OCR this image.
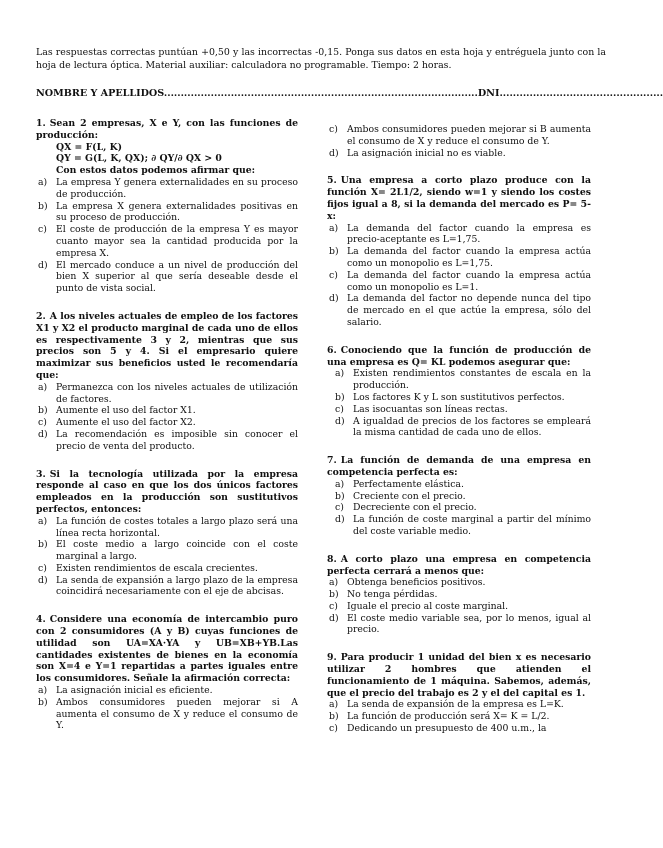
Las respuestas correctas puntúan +0,50 y las incorrectas -0,15. Ponga sus datos en esta hoja y entréguela junto con la hoja de lectura óptica. Material auxiliar: calculadora no programable. Tiempo: 2 horas.
NOMBRE Y APELLIDOS..............................................................................................DNI.................................................
1. Sean 2 empresas, X e Y, con las funciones de producción:
QX = F(L, K)
QY = G(L, K, QX); ∂ QY/∂ QX > 0
Con estos datos podemos afirmar que:
a) La empresa Y genera externalidades en su proceso de producción.
b) La empresa X genera externalidades positivas en su proceso de producción.
c) El coste de producción de la empresa Y es mayor cuanto mayor sea la cantidad producida por la empresa X.
d) El mercado conduce a un nivel de producción del bien X superior al que sería deseable desde el punto de vista social.
2. A los niveles actuales de empleo de los factores X1 y X2 el producto marginal de cada uno de ellos es respectivamente 3 y 2, mientras que sus precios son 5 y 4. Si el empresario quiere maximizar sus beneficios usted le recomendaría que:
a) Permanezca con los niveles actuales de utilización de factores.
b) Aumente el uso del factor X1.
c) Aumente el uso del factor X2.
d) La recomendación es imposible sin conocer el precio de venta del producto.
3. Si la tecnología utilizada por la empresa responde al caso en que los dos únicos factores empleados en la producción son sustitutivos perfectos, entonces:
a) La función de costes totales a largo plazo será una línea recta horizontal.
b) El coste medio a largo coincide con el coste marginal a largo.
c) Existen rendimientos de escala crecientes.
d) La senda de expansión a largo plazo de la empresa coincidirá necesariamente con el eje de abcisas.
4. Considere una economía de intercambio puro con 2 consumidores (A y B) cuyas funciones de utilidad son UA=XA·YA y UB=XB+YB.Las cantidades existentes de bienes en la economía son X=4 e Y=1 repartidas a partes iguales entre los consumidores. Señale la afirmación correcta:
a) La asignación inicial es eficiente.
b) Ambos consumidores pueden mejorar si A aumenta el consumo de X y reduce el consumo de Y.
c) Ambos consumidores pueden mejorar si B aumenta el consumo de X y reduce el consumo de Y.
d) La asignación inicial no es viable.
5. Una empresa a corto plazo produce con la función X= 2L1/2, siendo w=1 y siendo los costes fijos igual a 8, si la demanda del mercado es P= 5-x:
a) La demanda del factor cuando la empresa es precio-aceptante es L=1,75.
b) La demanda del factor cuando la empresa actúa como un monopolio es L=1,75.
c) La demanda del factor cuando la empresa actúa como un monopolio es L=1.
d) La demanda del factor no depende nunca del tipo de mercado en el que actúe la empresa, sólo del salario.
6. Conociendo que la función de producción de una empresa es Q= KL podemos asegurar que:
a) Existen rendimientos constantes de escala en la producción.
b) Los factores K y L son sustitutivos perfectos.
c) Las isocuantas son líneas rectas.
d) A igualdad de precios de los factores se empleará la misma cantidad de cada uno de ellos.
7. La función de demanda de una empresa en competencia perfecta es:
a) Perfectamente elástica.
b) Creciente con el precio.
c) Decreciente con el precio.
d) La función de coste marginal a partir del mínimo del coste variable medio.
8. A corto plazo una empresa en competencia perfecta cerrará a menos que:
a) Obtenga beneficios positivos.
b) No tenga pérdidas.
c) Iguale el precio al coste marginal.
d) El coste medio variable sea, por lo menos, igual al precio.
9. Para producir 1 unidad del bien x es necesario utilizar 2 hombres que atienden el funcionamiento de 1 máquina. Sabemos, además, que el precio del trabajo es 2 y el del capital es 1.
a) La senda de expansión de la empresa es L=K.
b) La función de producción será X= K = L/2.
c) Dedicando un presupuesto de 400 u.m., la
